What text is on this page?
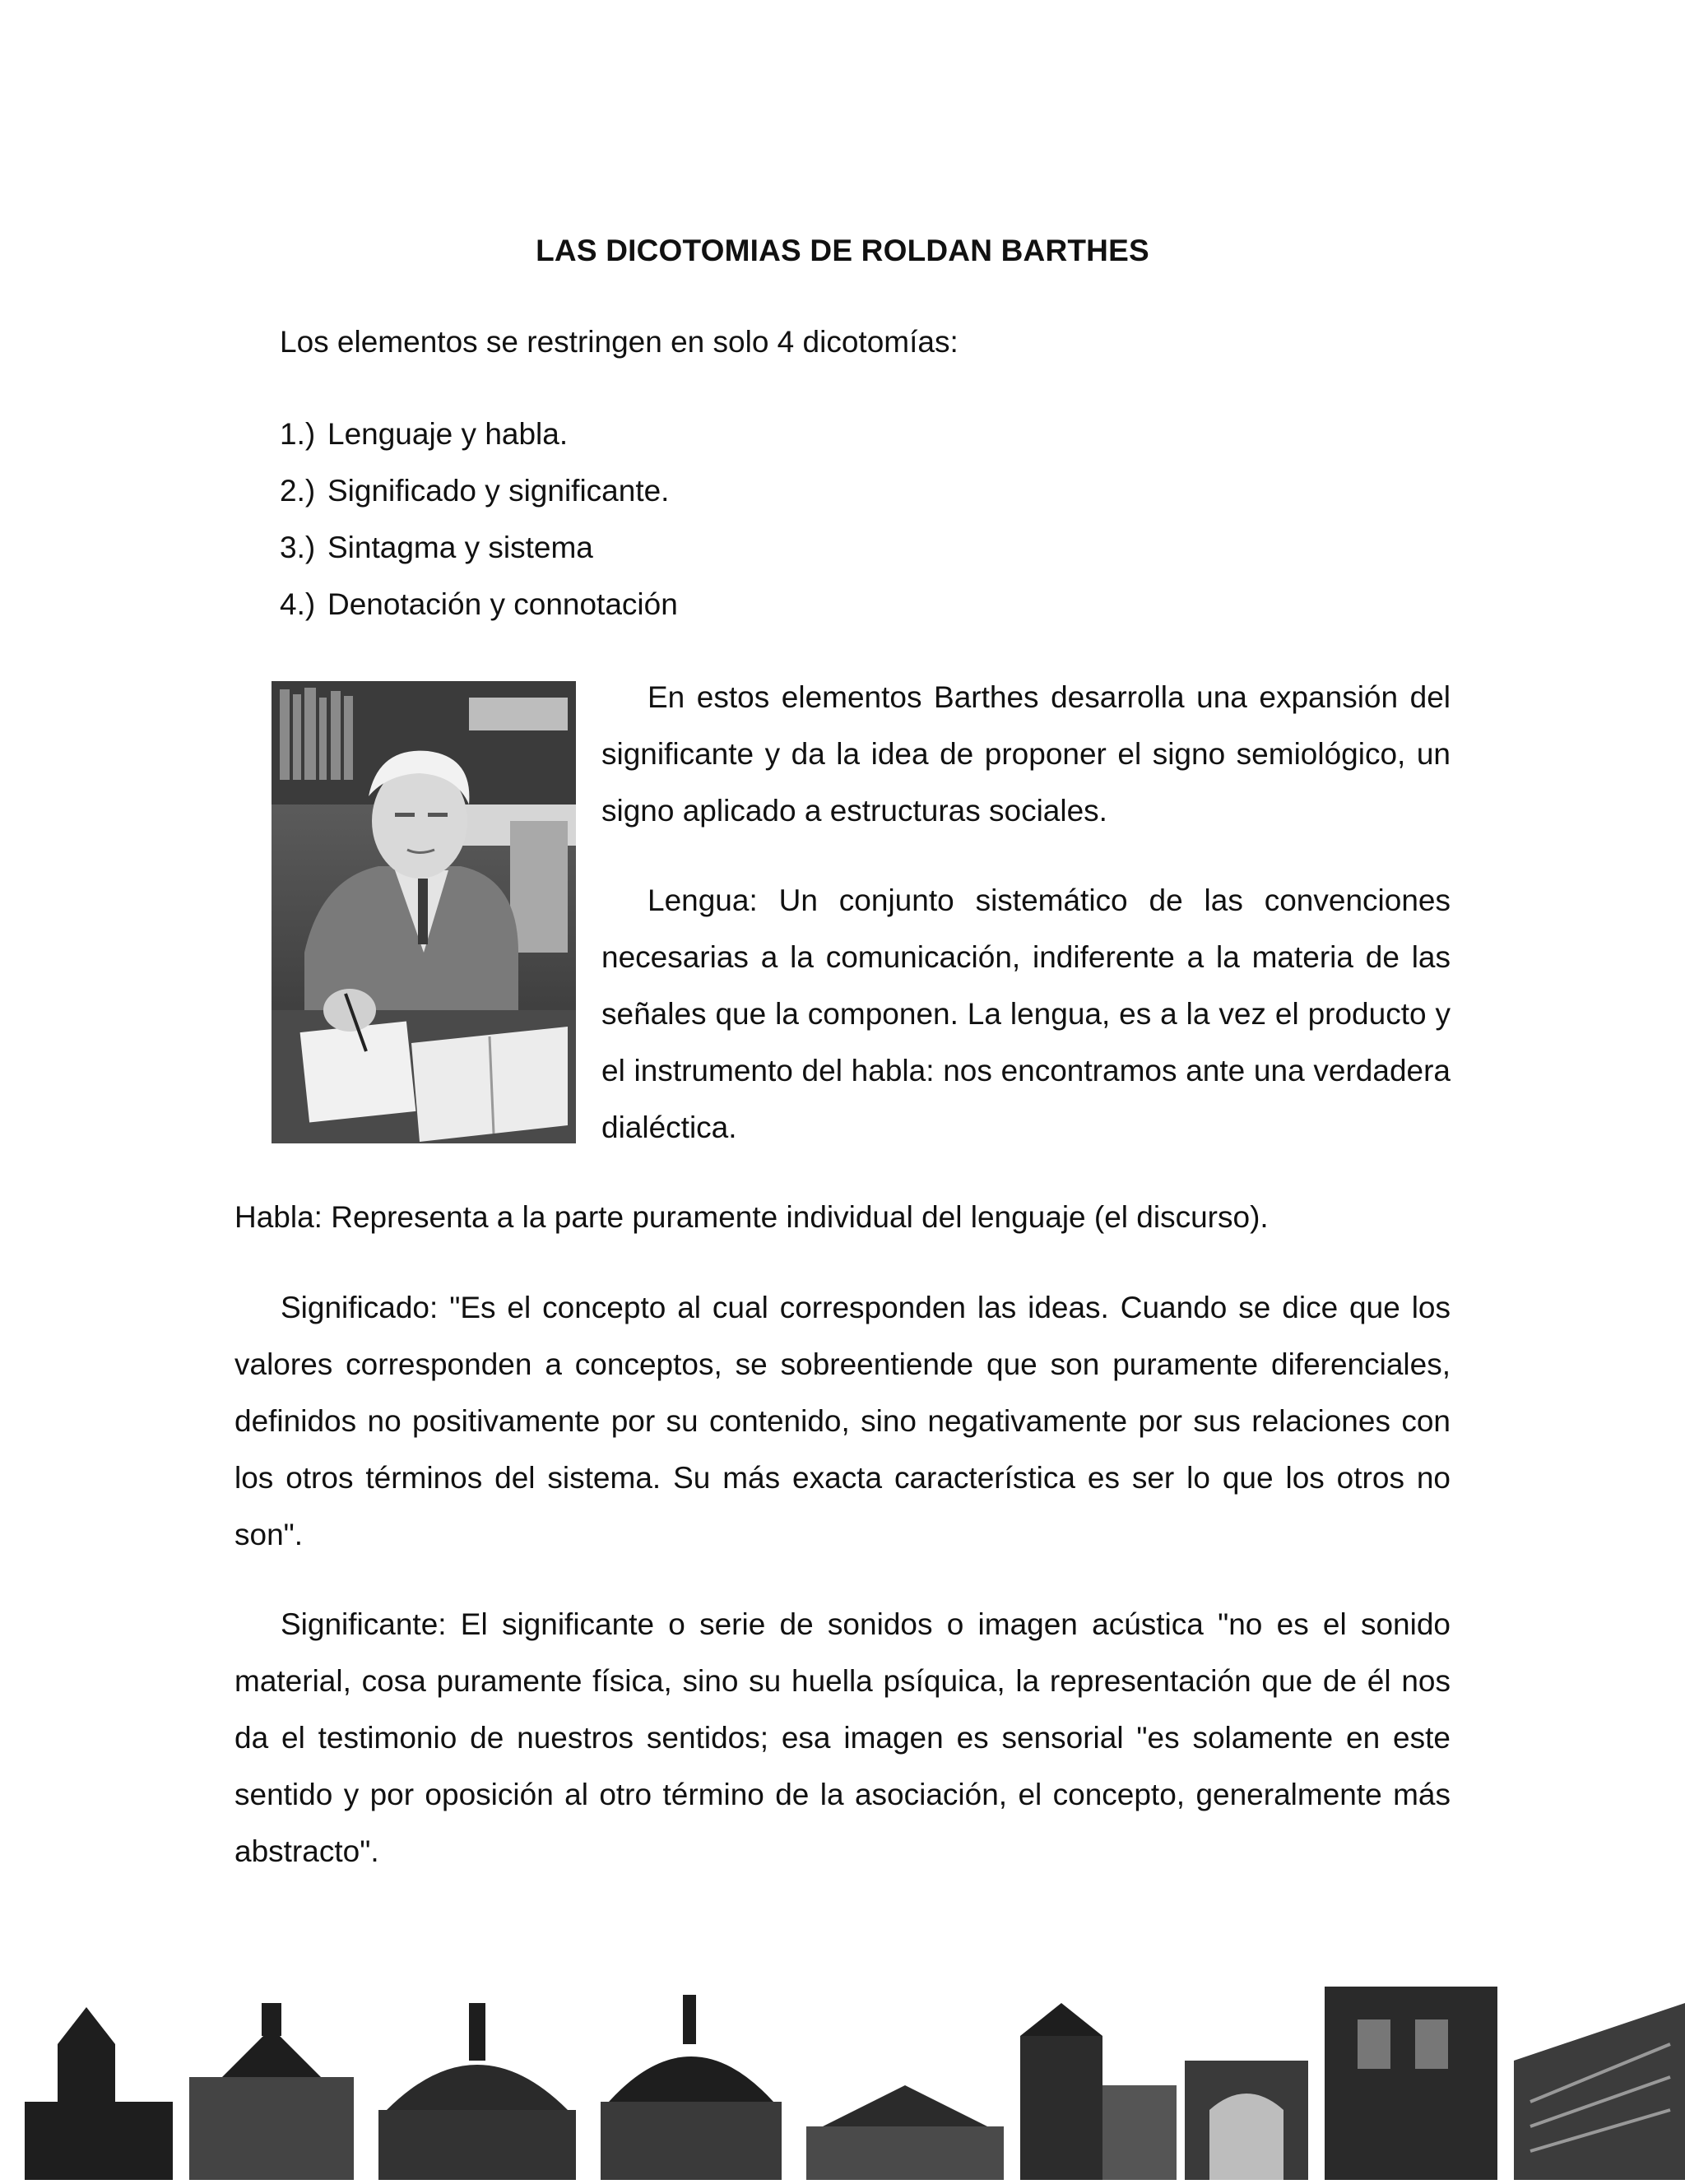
LAS DICOTOMIAS DE ROLDAN BARTHES
Los elementos se restringen en solo 4 dicotomías:
1.) Lenguaje y habla.
2.) Significado y significante.
3.) Sintagma y sistema
4.) Denotación y connotación

En estos elementos Barthes desarrolla una expansión del significante y da la idea de proponer el signo semiológico, un signo aplicado a estructuras sociales.

Lengua: Un conjunto sistemático de las convenciones necesarias a la comunicación, indiferente a la materia de las señales que la componen. La lengua, es a la vez el producto y el instrumento del habla: nos encontramos ante una verdadera dialéctica.

Habla: Representa a la parte puramente individual del lenguaje (el discurso).

Significado: "Es el concepto al cual corresponden las ideas. Cuando se dice que los valores corresponden a conceptos, se sobreentiende que son puramente diferenciales, definidos no positivamente por su contenido, sino negativamente por sus relaciones con los otros términos del sistema. Su más exacta característica es ser lo que los otros no son".

Significante: El significante o serie de sonidos o imagen acústica "no es el sonido material, cosa puramente física, sino su huella psíquica, la representación que de él nos da el testimonio de nuestros sentidos; esa imagen es sensorial "es solamente en este sentido y por oposición al otro término de la asociación, el concepto, generalmente más abstracto".
